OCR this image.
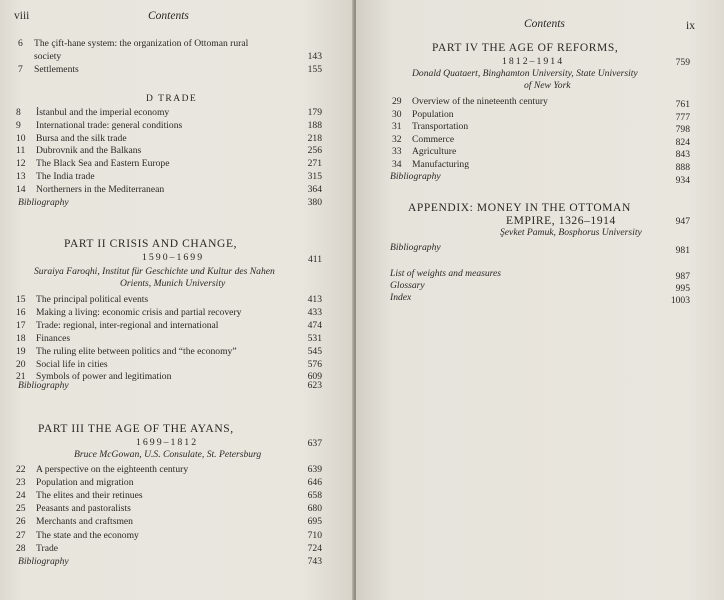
viii	Contents
6	The çift-hane system: the organization of Ottoman rural
society	143
7	Settlements	155
D TRADE
8	İstanbul and the imperial economy	179
9	International trade: general conditions	188
10	Bursa and the silk trade	218
11	Dubrovnik and the Balkans	256
12	The Black Sea and Eastern Europe	271
13	The India trade	315
14	Northerners in the Mediterranean	364
Bibliography	380
PART II CRISIS AND CHANGE,
1590–1699	411
Suraiya Faroqhi, Institut für Geschichte und Kultur des Nahen
Orients, Munich University
15	The principal political events	413
16	Making a living: economic crisis and partial recovery	433
17	Trade: regional, inter-regional and international	474
18	Finances	531
19	The ruling elite between politics and “the economy”	545
20	Social life in cities	576
21	Symbols of power and legitimation	609
Bibliography	623
PART III THE AGE OF THE AYANS,
1699–1812	637
Bruce McGowan, U.S. Consulate, St. Petersburg
22	A perspective on the eighteenth century	639
23	Population and migration	646
24	The elites and their retinues	658
25	Peasants and pastoralists	680
26	Merchants and craftsmen	695
27	The state and the economy	710
28	Trade	724
Bibliography	743
Contents	ix
PART IV THE AGE OF REFORMS,
1812–1914	759
Donald Quataert, Binghamton University, State University
of New York
29	Overview of the nineteenth century	761
30	Population	777
31	Transportation	798
32	Commerce	824
33	Agriculture	843
34	Manufacturing	888
Bibliography	934
APPENDIX: MONEY IN THE OTTOMAN
EMPIRE, 1326–1914	947
Şevket Pamuk, Bosphorus University
Bibliography	981
List of weights and measures	987
Glossary	995
Index	1003
